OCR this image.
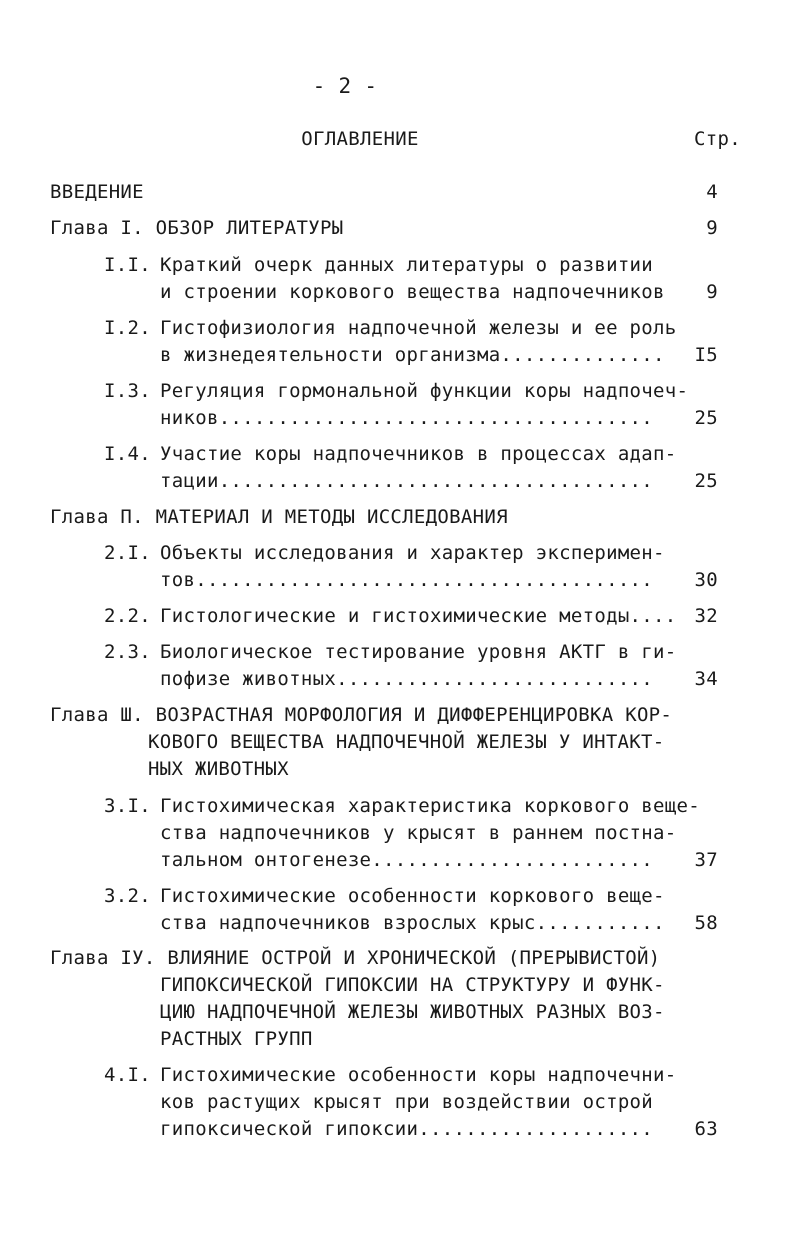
- 2 -
ОГЛАВЛЕНИЕ	Стр.
ВВЕДЕНИЕ	4
Глава I. ОБЗОР ЛИТЕРАТУРЫ	9
I.I. Краткий очерк данных литературы о развитии
и строении коркового вещества надпочечников	9
I.2. Гистофизиология надпочечной железы и ее роль
в жизнедеятельности организма..............	I5
I.3. Регуляция гормональной функции коры надпочеч-
ников.....................................	25
I.4. Участие коры надпочечников в процессах адап-
тации.....................................	25
Глава П. МАТЕРИАЛ И МЕТОДЫ ИССЛЕДОВАНИЯ
2.I. Объекты исследования и характер эксперимен-
тов.......................................	30
2.2. Гистологические и гистохимические методы.... 32
2.3. Биологическое тестирование уровня АКТГ в ги-
пофизе животных...........................	34
Глава Ш. ВОЗРАСТНАЯ МОРФОЛОГИЯ И ДИФФЕРЕНЦИРОВКА КОР-
КОВОГО ВЕЩЕСТВА НАДПОЧЕЧНОЙ ЖЕЛЕЗЫ У ИНТАКТ-
НЫХ ЖИВОТНЫХ
3.I. Гистохимическая характеристика коркового веще-
ства надпочечников у крысят в раннем постна-
тальном онтогенезе........................	37
3.2. Гистохимические особенности коркового веще-
ства надпочечников взрослых крыс...........	58
Глава IУ. ВЛИЯНИЕ ОСТРОЙ И ХРОНИЧЕСКОЙ (ПРЕРЫВИСТОЙ)
ГИПОКСИЧЕСКОЙ ГИПОКСИИ НА СТРУКТУРУ И ФУНК-
ЦИЮ НАДПОЧЕЧНОЙ ЖЕЛЕЗЫ ЖИВОТНЫХ РАЗНЫХ ВОЗ-
РАСТНЫХ ГРУПП
4.I. Гистохимические особенности коры надпочечни-
ков растущих крысят при воздействии острой
гипоксической гипоксии....................	63
